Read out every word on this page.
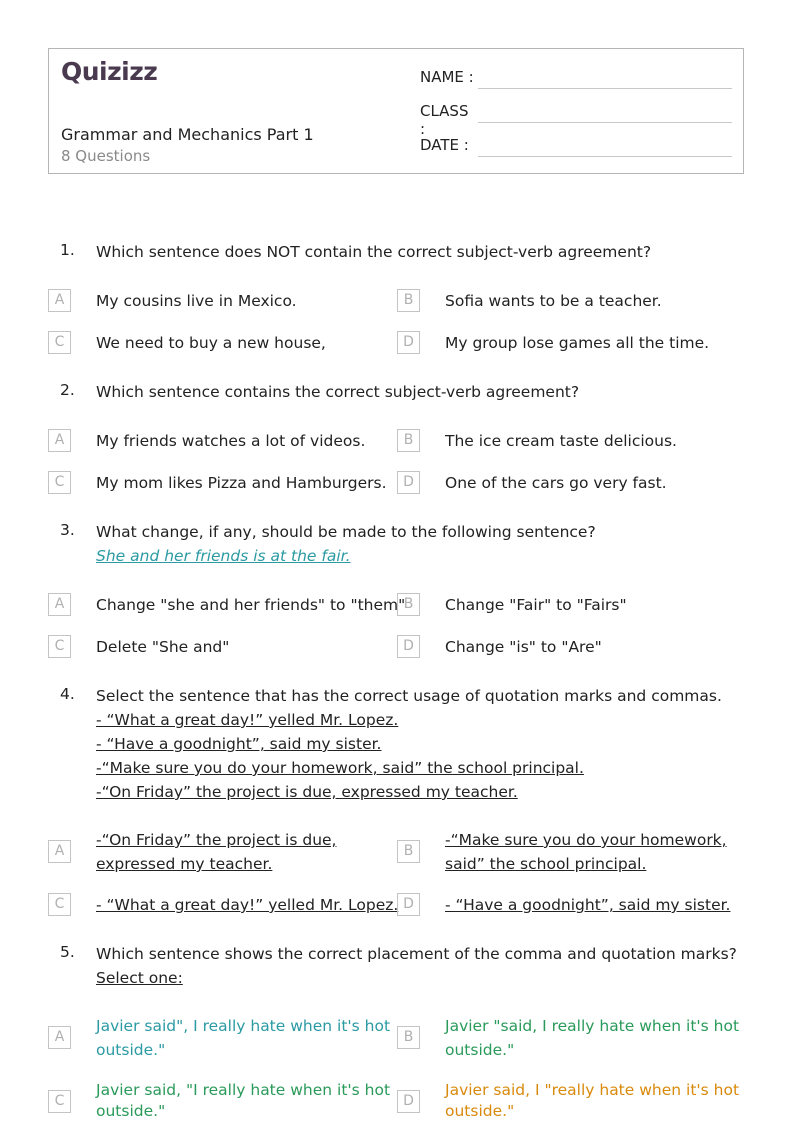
Quizizz
Grammar and Mechanics Part 1
8 Questions
NAME :
CLASS :
DATE :
1. Which sentence does NOT contain the correct subject-verb agreement?
A	My cousins live in Mexico.	B	Sofia wants to be a teacher.
C	We need to buy a new house,	D	My group lose games all the time.
2. Which sentence contains the correct subject-verb agreement?
A	My friends watches a lot of videos.	B	The ice cream taste delicious.
C	My mom likes Pizza and Hamburgers.	D	One of the cars go very fast.
3. What change, if any, should be made to the following sentence?
She and her friends is at the fair.
A	Change "she and her friends" to "them"
B	Change "Fair" to "Fairs"
C	Delete "She and"	D	Change "is" to "Are"
4. Select the sentence that has the correct usage of quotation marks and commas.
- “What a great day!” yelled Mr. Lopez.
- “Have a goodnight”, said my sister.
-“Make sure you do your homework, said” the school principal.
-“On Friday” the project is due, expressed my teacher.
A
-“On Friday” the project is due,
expressed my teacher.
B
-“Make sure you do your homework,
said” the school principal.
C	- “What a great day!” yelled Mr. Lopez. D	- “Have a goodnight”, said my sister.
5. Which sentence shows the correct placement of the comma and quotation marks?
Select one:
A
Javier said", I really hate when it's hot
outside."
B
Javier "said, I really hate when it's hot
outside."
C
Javier said, "I really hate when it's hot
outside."
D
Javier said, I "really hate when it's hot
outside."
